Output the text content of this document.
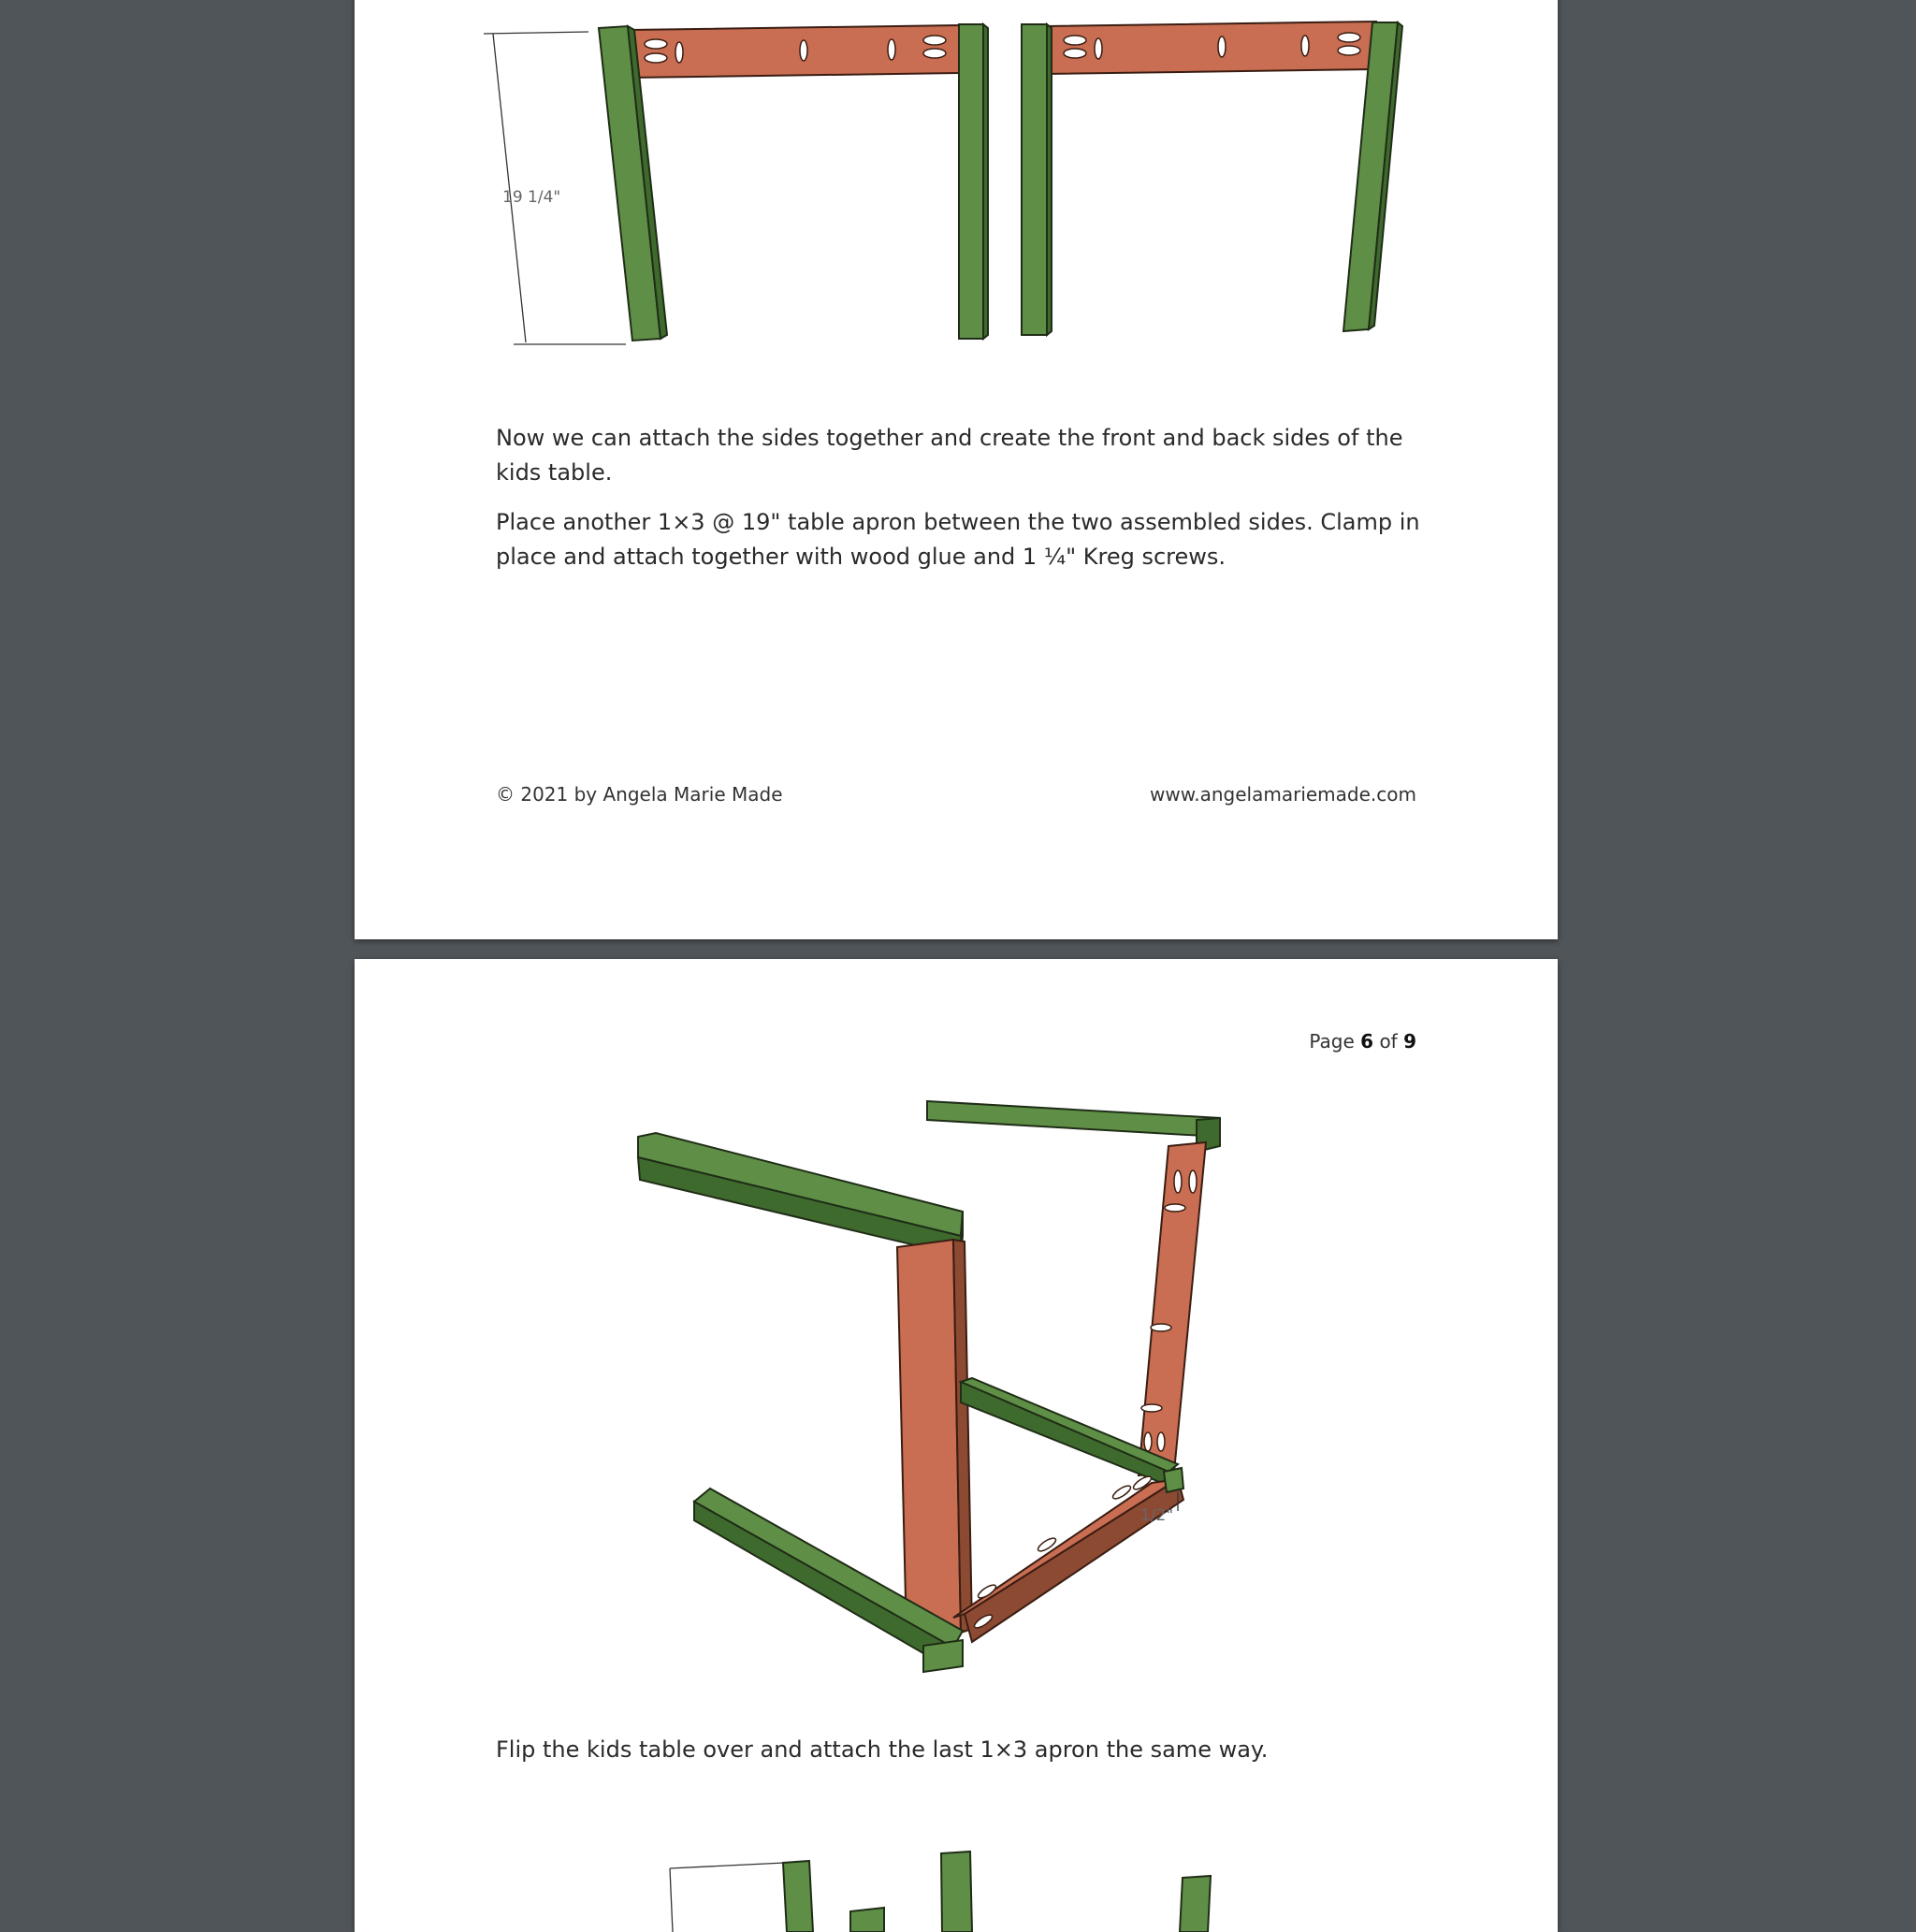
19 1/4"

Now we can attach the sides together and create the front and back sides of the kids table.

Place another 1×3 @ 19" table apron between the two assembled sides. Clamp in place and attach together with wood glue and 1 ¼" Kreg screws.

© 2021 by Angela Marie Made	www.angelamariemade.com
Page 6 of 9
1/2"

Flip the kids table over and attach the last 1×3 apron the same way.
